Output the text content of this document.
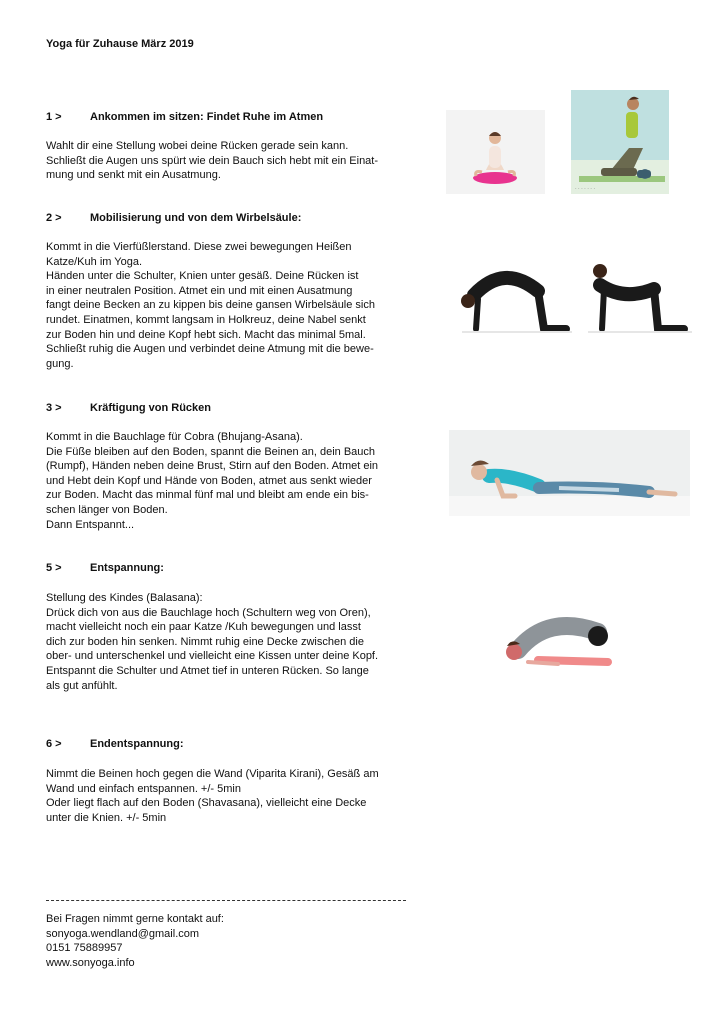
Yoga für Zuhause März 2019
1 >	Ankommen im sitzen: Findet Ruhe im Atmen
Wahlt dir eine Stellung wobei deine Rücken gerade sein kann.
Schließt die Augen uns spürt wie dein Bauch sich hebt mit ein Einat-
mung und senkt mit ein Ausatmung.
· · · · · · ·
2 >	Mobilisierung und von dem Wirbelsäule:
Kommt in die Vierfüßlerstand. Diese zwei bewegungen Heißen
Katze/Kuh im Yoga.
Händen unter die Schulter, Knien unter gesäß. Deine Rücken ist
in einer neutralen Position. Atmet ein und mit einen Ausatmung
fangt deine Becken an zu kippen bis deine gansen Wirbelsäule sich
rundet. Einatmen, kommt langsam in Holkreuz, deine Nabel senkt
zur Boden hin und deine Kopf hebt sich. Macht das minimal 5mal.
Schließt ruhig die Augen und verbindet deine Atmung mit die bewe-
gung.
3 >	Kräftigung von Rücken
Kommt in die Bauchlage für Cobra (Bhujang-Asana).
Die Füße bleiben auf den Boden, spannt die Beinen an, dein Bauch
(Rumpf), Händen neben deine Brust, Stirn auf den Boden. Atmet ein
und Hebt dein Kopf und Hände von Boden, atmet aus senkt wieder
zur Boden. Macht das minmal fünf mal und bleibt am ende ein bis-
schen länger von Boden.
Dann Entspannt...
5 >	Entspannung:
Stellung des Kindes (Balasana):
Drück dich von aus die Bauchlage hoch (Schultern weg von Oren),
macht vielleicht noch ein paar Katze /Kuh bewegungen und lasst
dich zur boden hin senken. Nimmt ruhig eine Decke zwischen die
ober- und unterschenkel und vielleicht eine Kissen unter deine Kopf.
Entspannt die Schulter und Atmet tief in unteren Rücken. So lange
als gut anfühlt.
6 >	Endentspannung:
Nimmt die Beinen hoch gegen die Wand (Viparita Kirani), Gesäß am
Wand und einfach entspannen. +/- 5min
Oder liegt flach auf den Boden (Shavasana), vielleicht eine Decke
unter die Knien. +/- 5min
Bei Fragen nimmt gerne kontakt auf:
sonyoga.wendland@gmail.com
0151 75889957
www.sonyoga.info
